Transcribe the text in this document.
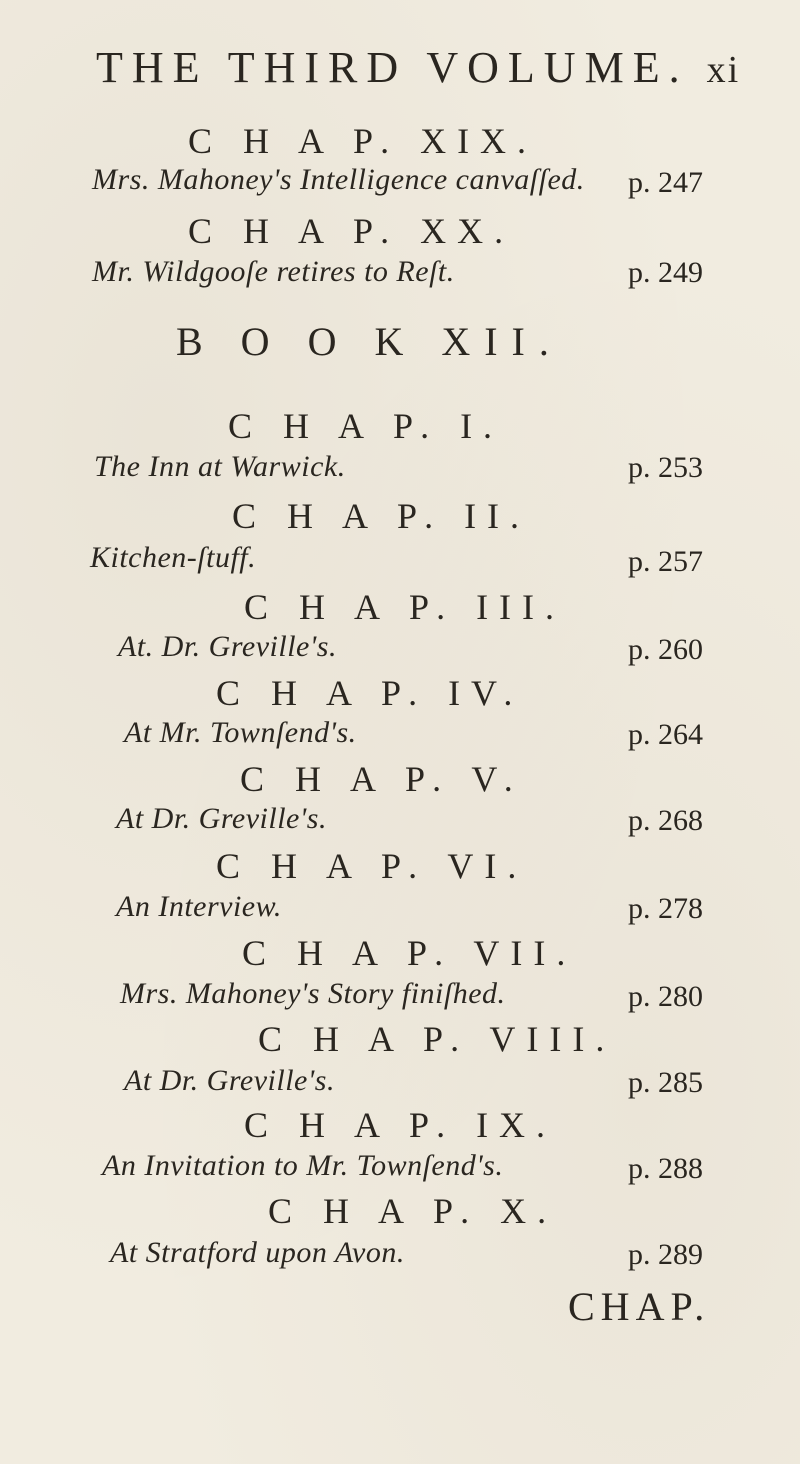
THE THIRD VOLUME. xi
C H A P. XIX.
Mrs. Mahoney's Intelligence canvaſſed. p. 247
C H A P. XX.
Mr. Wildgooſe retires to Reſt.	p. 249
B O O K XII.
C H A P. I.
The Inn at Warwick.	p. 253
C H A P. II.
Kitchen-ſtuff.	p. 257
C H A P. III.
At. Dr. Greville's.	p. 260
C H A P. IV.
At Mr. Townſend's.	p. 264
C H A P. V.
At Dr. Greville's.	p. 268
C H A P. VI.
An Interview.	p. 278
C H A P. VII.
Mrs. Mahoney's Story finiſhed.	p. 280
C H A P. VIII.
At Dr. Greville's.	p. 285
C H A P. IX.
An Invitation to Mr. Townſend's.	p. 288
C H A P. X.
At Stratford upon Avon.	p. 289
CHAP.
